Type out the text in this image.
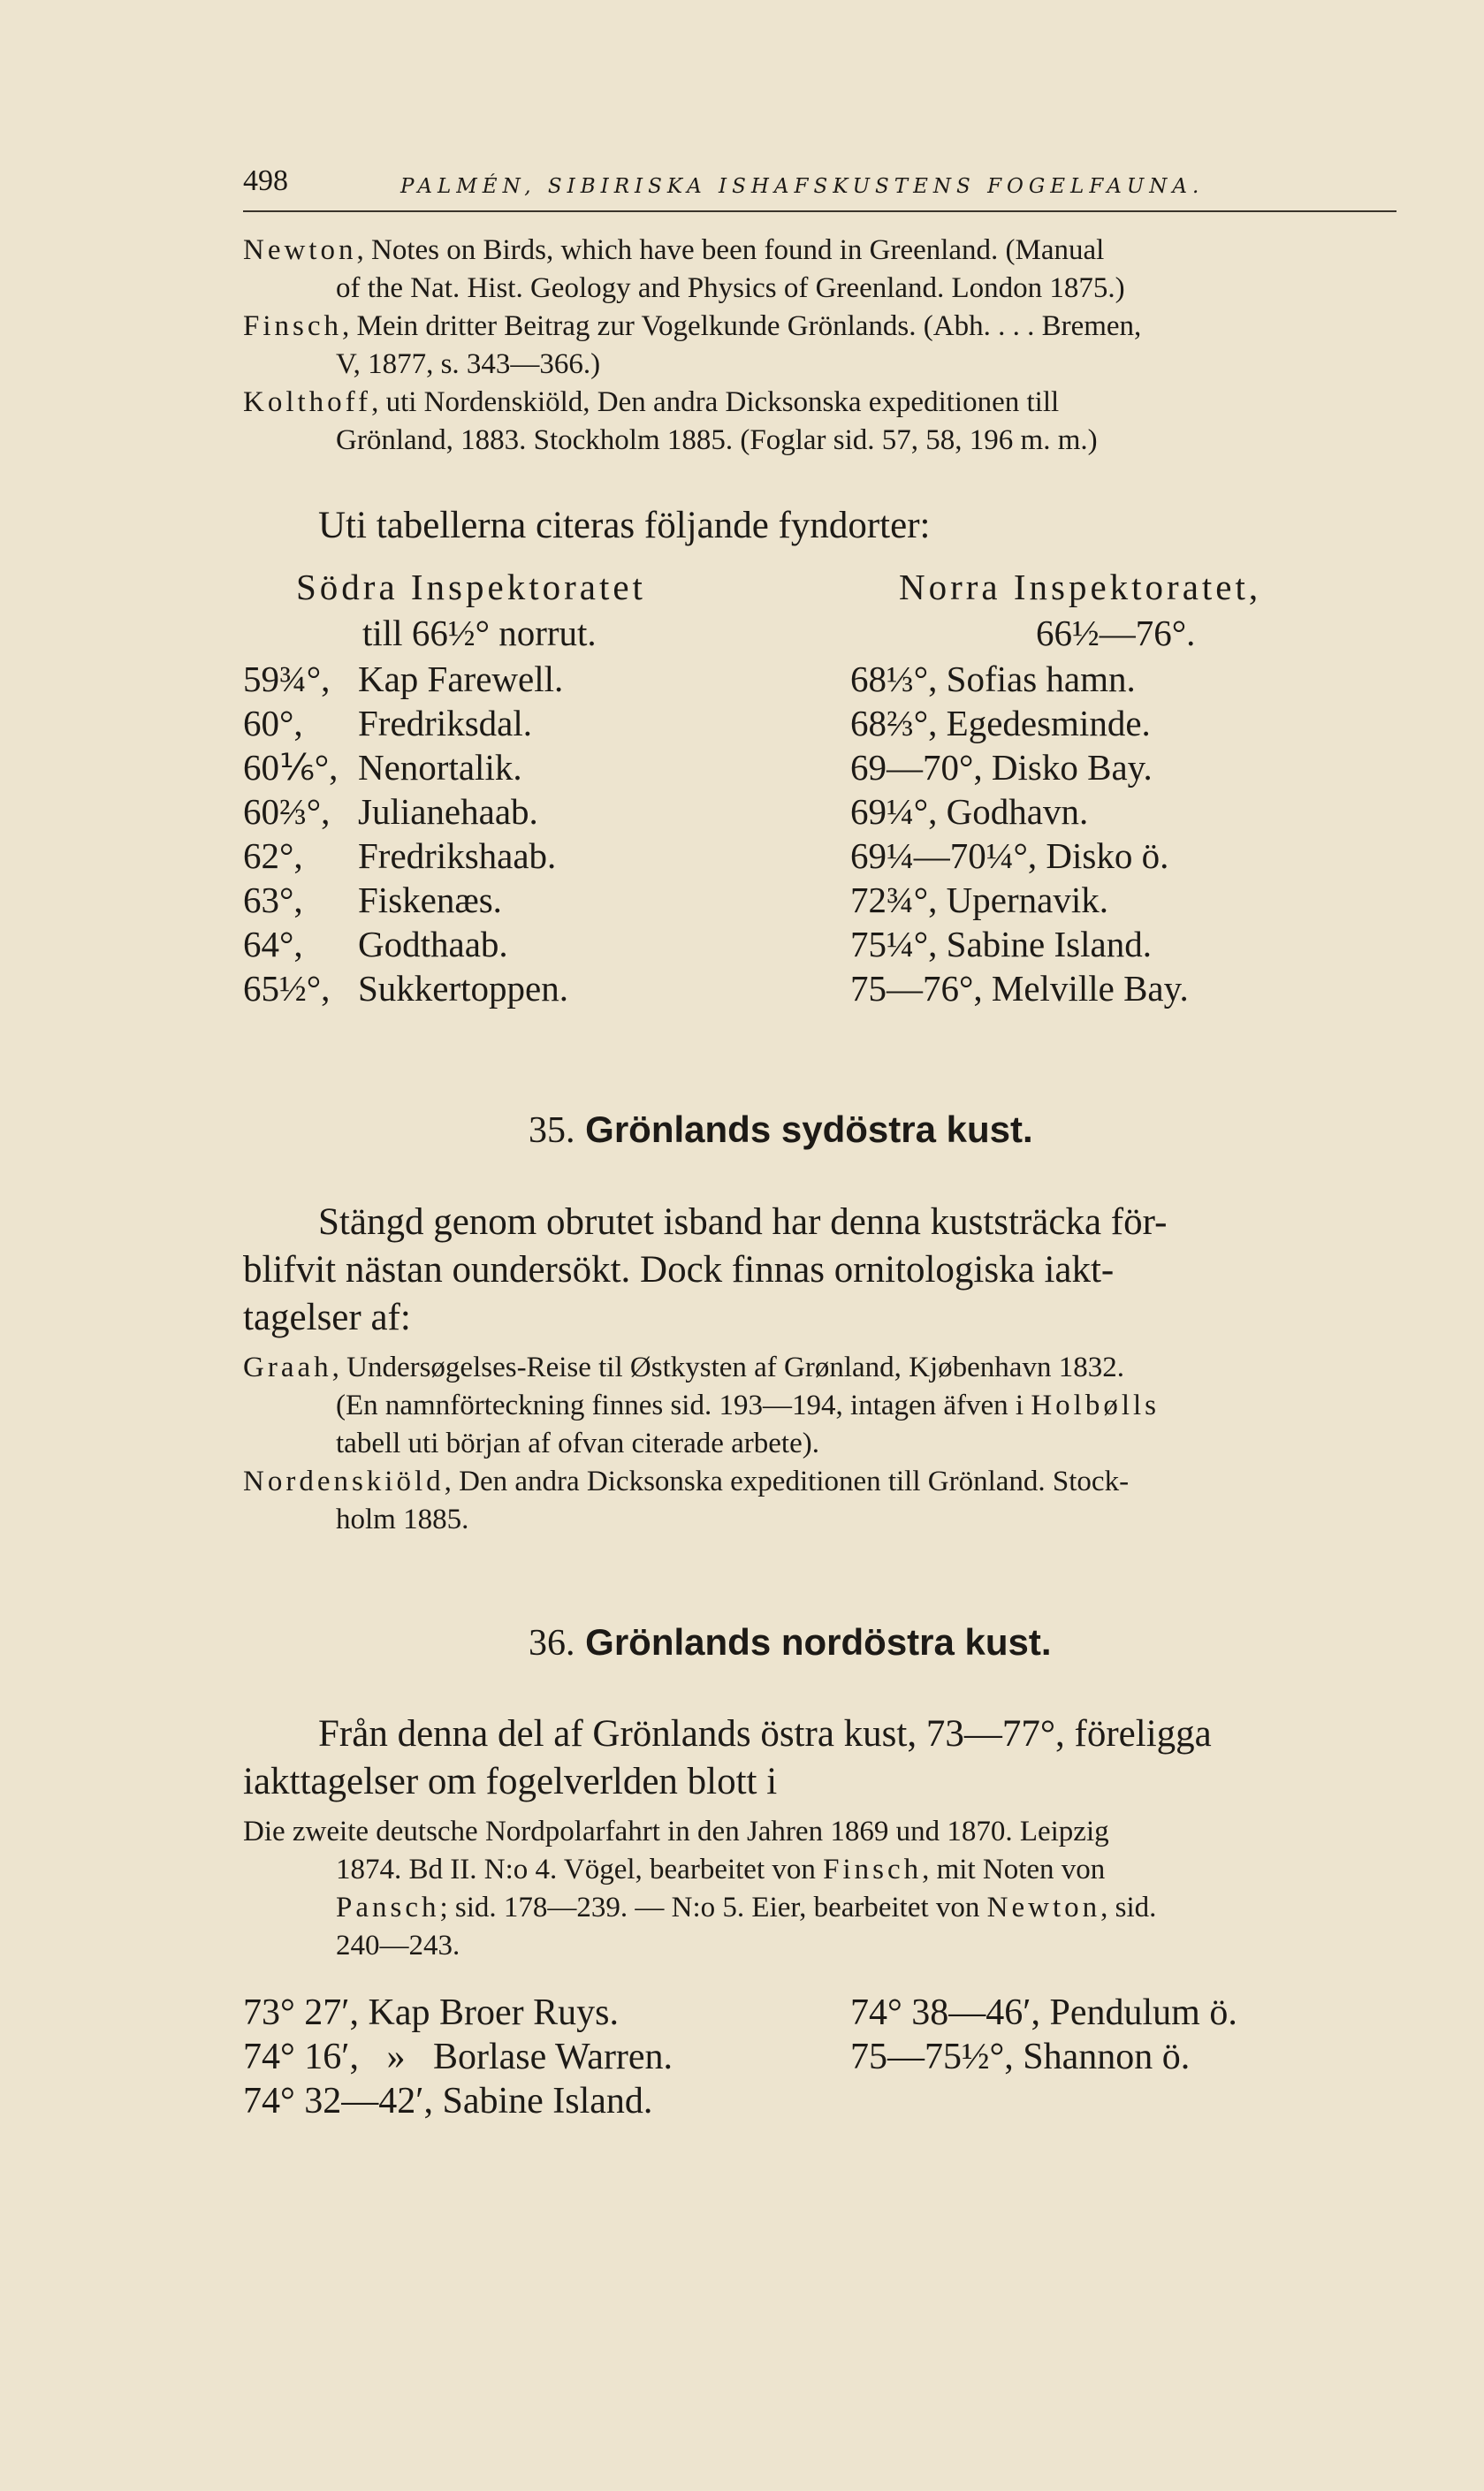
498	PALMÉN, SIBIRISKA ISHAFSKUSTENS FOGELFAUNA.
Newton, Notes on Birds, which have been found in Greenland. (Manual
of the Nat. Hist. Geology and Physics of Greenland. London 1875.)
Finsch, Mein dritter Beitrag zur Vogelkunde Grönlands. (Abh. . . . Bremen,
V, 1877, s. 343—366.)
Kolthoff, uti Nordenskiöld, Den andra Dicksonska expeditionen till
Grönland, 1883. Stockholm 1885. (Foglar sid. 57, 58, 196 m. m.)
Uti tabellerna citeras följande fyndorter:
Södra Inspektoratet
till 66½° norrut.
59¾°, Kap Farewell.
60°, Fredriksdal.
60⅙°, Nenortalik.
60⅔°, Julianehaab.
62°, Fredrikshaab.
63°, Fiskenæs.
64°, Godthaab.
65½°, Sukkertoppen.
Norra Inspektoratet,
66½—76°.
68⅓°, Sofias hamn.
68⅔°, Egedesminde.
69—70°, Disko Bay.
69¼°, Godhavn.
69¼—70¼°, Disko ö.
72¾°, Upernavik.
75¼°, Sabine Island.
75—76°, Melville Bay.
35. Grönlands sydöstra kust.
Stängd genom obrutet isband har denna kuststräcka för-
blifvit nästan oundersökt. Dock finnas ornitologiska iakt-
tagelser af:
Graah, Undersøgelses-Reise til Østkysten af Grønland, Kjøbenhavn 1832.
(En namnförteckning finnes sid. 193—194, intagen äfven i Holbølls
tabell uti början af ofvan citerade arbete).
Nordenskiöld, Den andra Dicksonska expeditionen till Grönland. Stock-
holm 1885.
36. Grönlands nordöstra kust.
Från denna del af Grönlands östra kust, 73—77°, föreligga
iakttagelser om fogelverlden blott i
Die zweite deutsche Nordpolarfahrt in den Jahren 1869 und 1870. Leipzig
1874. Bd II. N:o 4. Vögel, bearbeitet von Finsch, mit Noten von
Pansch; sid. 178—239. — N:o 5. Eier, bearbeitet von Newton, sid.
240—243.
73° 27′, Kap Broer Ruys.
74° 16′,   »   Borlase Warren.
74° 32—42′, Sabine Island.
74° 38—46′, Pendulum ö.
75—75½°, Shannon ö.
